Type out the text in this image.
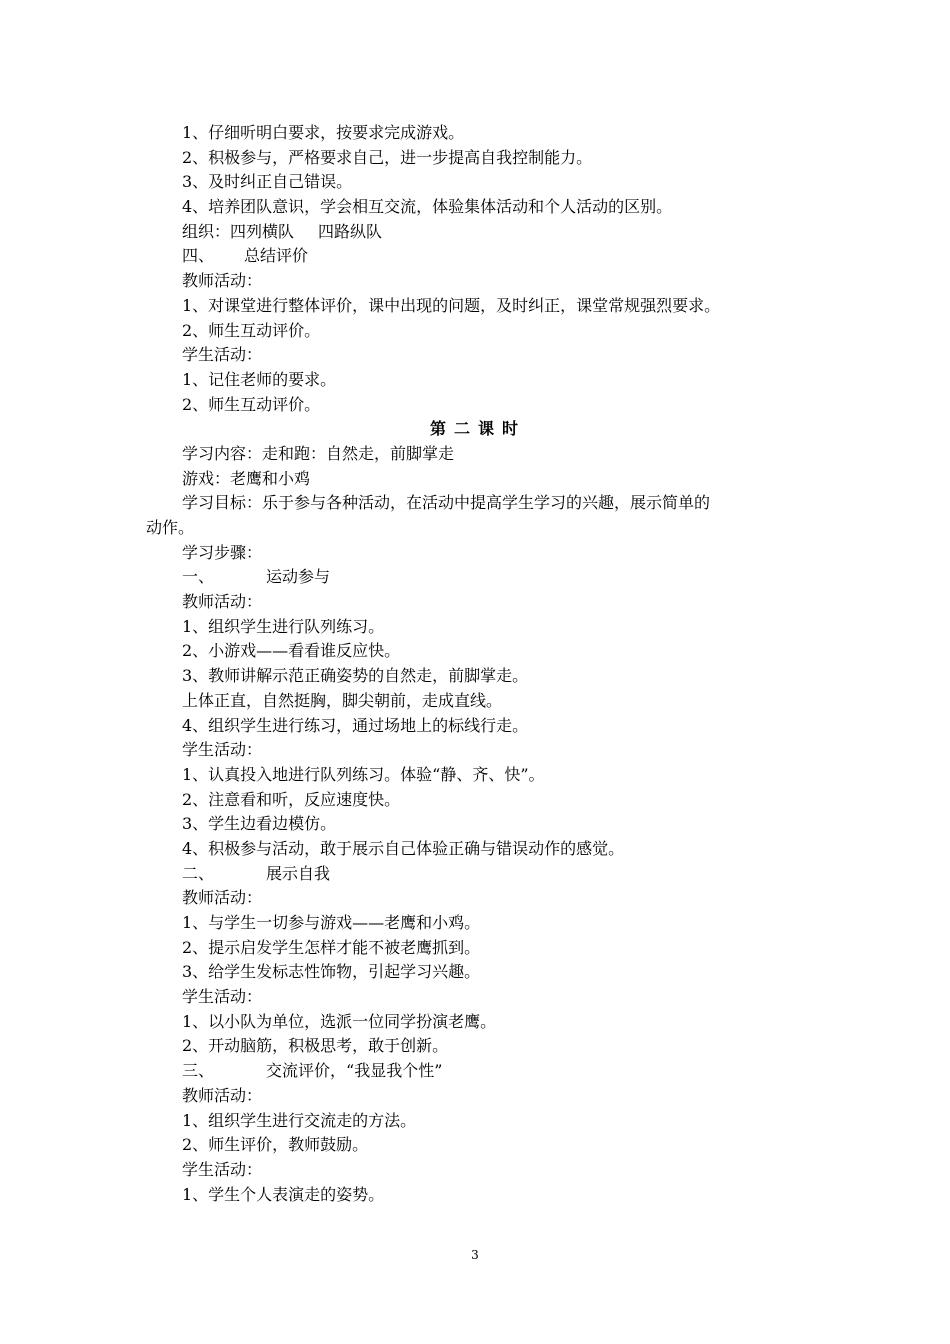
1、仔细听明白要求，按要求完成游戏。
2、积极参与，严格要求自己，进一步提高自我控制能力。
3、及时纠正自己错误。
4、培养团队意识，学会相互交流，体验集体活动和个人活动的区别。
组织：四列横队 四路纵队
四、 总结评价
教师活动：
1、对课堂进行整体评价，课中出现的问题，及时纠正，课堂常规强烈要求。
2、师生互动评价。
学生活动：
1、记住老师的要求。
2、师生互动评价。
第二课时
学习内容：走和跑：自然走，前脚掌走
游戏：老鹰和小鸡
学习目标：乐于参与各种活动，在活动中提高学生学习的兴趣，展示简单的
动作。
学习步骤：
一、	运动参与
教师活动：
1、组织学生进行队列练习。
2、小游戏——看看谁反应快。
3、教师讲解示范正确姿势的自然走，前脚掌走。
上体正直，自然挺胸，脚尖朝前，走成直线。
4、组织学生进行练习，通过场地上的标线行走。
学生活动：
1、认真投入地进行队列练习。体验“静、齐、快”。
2、注意看和听，反应速度快。
3、学生边看边模仿。
4、积极参与活动，敢于展示自己体验正确与错误动作的感觉。
二、	展示自我
教师活动：
1、与学生一切参与游戏——老鹰和小鸡。
2、提示启发学生怎样才能不被老鹰抓到。
3、给学生发标志性饰物，引起学习兴趣。
学生活动：
1、以小队为单位，选派一位同学扮演老鹰。
2、开动脑筋，积极思考，敢于创新。
三、	交流评价，“我显我个性”
教师活动：
1、组织学生进行交流走的方法。
2、师生评价，教师鼓励。
学生活动：
1、学生个人表演走的姿势。
3
